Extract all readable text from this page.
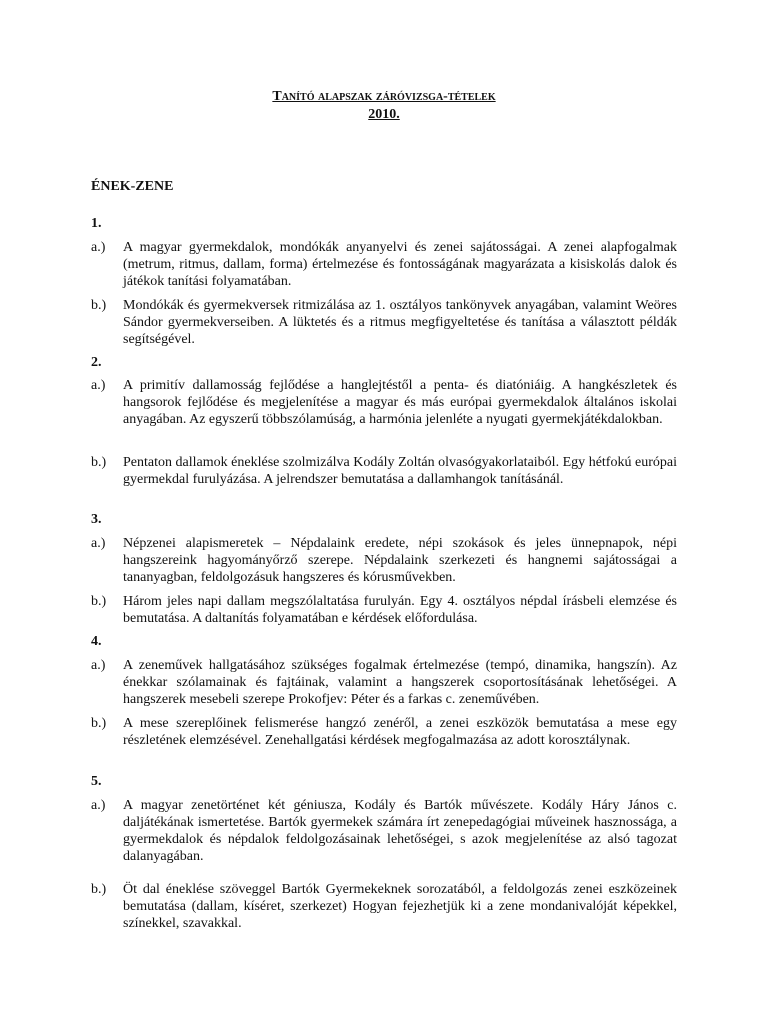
Tanító alapszak záróvizsga-tételek
2010.
ÉNEK-ZENE
1.
a.)	A magyar gyermekdalok, mondókák anyanyelvi és zenei sajátosságai. A zenei alapfogalmak (metrum, ritmus, dallam, forma) értelmezése és fontosságának magyarázata a kisiskolás dalok és játékok tanítási folyamatában.
b.)	Mondókák és gyermekversek ritmizálása az 1. osztályos tankönyvek anyagában, valamint Weöres Sándor gyermekverseiben. A lüktetés és a ritmus megfigyeltetése és tanítása a választott példák segítségével.
2.
a.)	A primitív dallamosság fejlődése a hanglejtéstől a penta- és diatóniáig. A hangkészletek és hangsorok fejlődése és megjelenítése a magyar és más európai gyermekdalok általános iskolai anyagában. Az egyszerű többszólamúság, a harmónia jelenléte a nyugati gyermekjátékdalokban.
b.)	Pentaton dallamok éneklése szolmizálva Kodály Zoltán olvasógyakorlataiból. Egy hétfokú európai gyermekdal furulyázása. A jelrendszer bemutatása a dallamhangok tanításánál.
3.
a.)	Népzenei alapismeretek – Népdalaink eredete, népi szokások és jeles ünnepnapok, népi hangszereink hagyományőrző szerepe. Népdalaink szerkezeti és hangnemi sajátosságai a tananyagban, feldolgozásuk hangszeres és kórusművekben.
b.)	Három jeles napi dallam megszólaltatása furulyán. Egy 4. osztályos népdal írásbeli elemzése és bemutatása. A daltanítás folyamatában e kérdések előfordulása.
4.
a.)	A zeneművek hallgatásához szükséges fogalmak értelmezése (tempó, dinamika, hangszín). Az énekkar szólamainak és fajtáinak, valamint a hangszerek csoportosításának lehetőségei. A hangszerek mesebeli szerepe Prokofjev: Péter és a farkas c. zeneművében.
b.)	A mese szereplőinek felismerése hangzó zenéről, a zenei eszközök bemutatása a mese egy részletének elemzésével. Zenehallgatási kérdések megfogalmazása az adott korosztálynak.
5.
a.)	A magyar zenetörténet két géniusza, Kodály és Bartók művészete. Kodály Háry János c. daljátékának ismertetése. Bartók gyermekek számára írt zenepedagógiai műveinek hasznossága, a gyermekdalok és népdalok feldolgozásainak lehetőségei, s azok megjelenítése az alsó tagozat dalanyagában.
b.)	Öt dal éneklése szöveggel Bartók Gyermekeknek sorozatából, a feldolgozás zenei eszközeinek bemutatása (dallam, kíséret, szerkezet) Hogyan fejezhetjük ki a zene mondanivalóját képekkel, színekkel, szavakkal.
